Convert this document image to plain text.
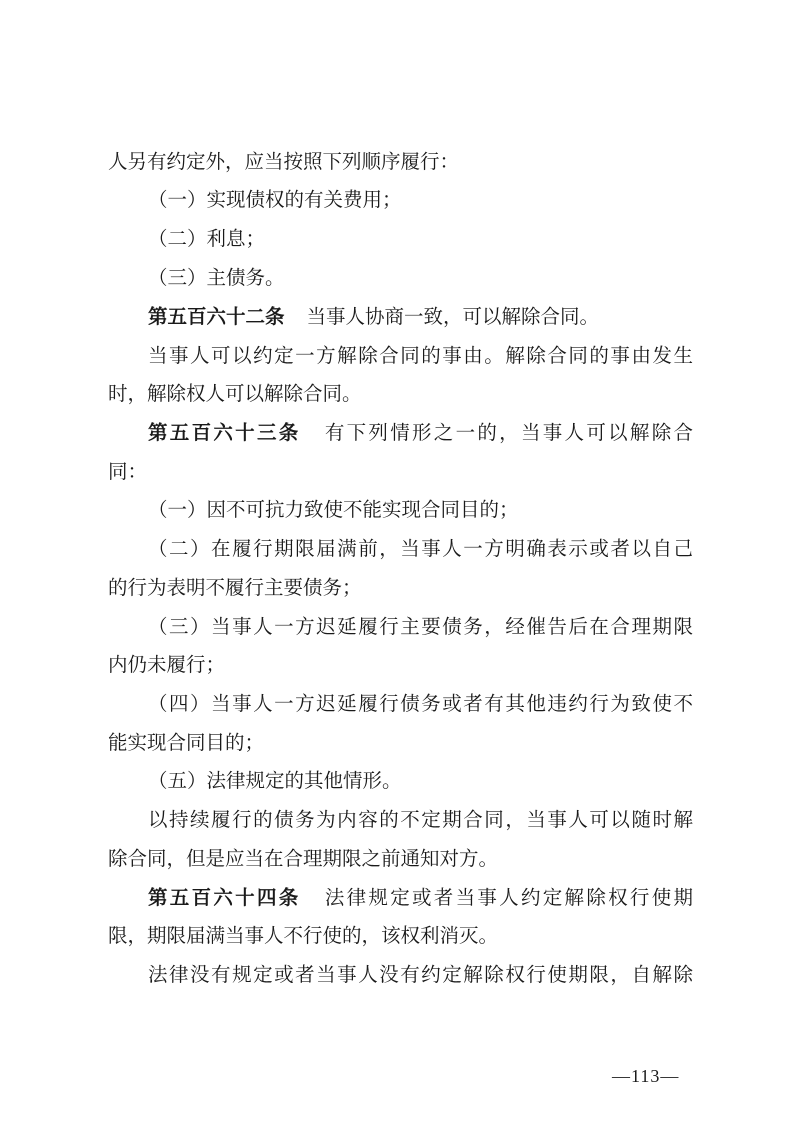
人另有约定外，应当按照下列顺序履行：
（一）实现债权的有关费用；
（二）利息；
（三）主债务。
第五百六十二条 当事人协商一致，可以解除合同。
当事人可以约定一方解除合同的事由。解除合同的事由发生
时，解除权人可以解除合同。
第五百六十三条 有下列情形之一的，当事人可以解除合
同：
（一）因不可抗力致使不能实现合同目的；
（二）在履行期限届满前，当事人一方明确表示或者以自己
的行为表明不履行主要债务；
（三）当事人一方迟延履行主要债务，经催告后在合理期限
内仍未履行；
（四）当事人一方迟延履行债务或者有其他违约行为致使不
能实现合同目的；
（五）法律规定的其他情形。
以持续履行的债务为内容的不定期合同，当事人可以随时解
除合同，但是应当在合理期限之前通知对方。
第五百六十四条 法律规定或者当事人约定解除权行使期
限，期限届满当事人不行使的，该权利消灭。
法律没有规定或者当事人没有约定解除权行使期限，自解除
—113—
